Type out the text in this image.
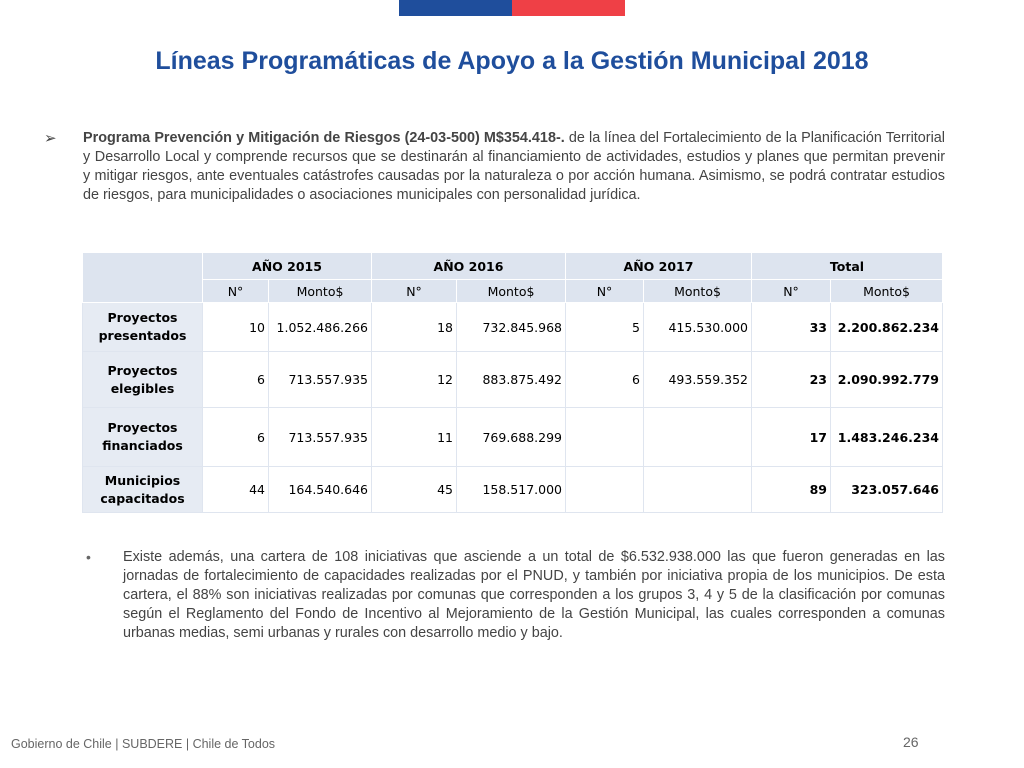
Líneas Programáticas de Apoyo a la Gestión Municipal 2018
➢ Programa Prevención y Mitigación de Riesgos (24-03-500) M$354.418-. de la línea del Fortalecimiento de la Planificación Territorial y Desarrollo Local y comprende recursos que se destinarán al financiamiento de actividades, estudios y planes que permitan prevenir y mitigar riesgos, ante eventuales catástrofes causadas por la naturaleza o por acción humana. Asimismo, se podrá contratar estudios de riesgos, para municipalidades o asociaciones municipales con personalidad jurídica.
	AÑO 2015		AÑO 2016		AÑO 2017		Total	
	N°	Monto$	N°	Monto$	N°	Monto$	N°	Monto$
Proyectos presentados	10	1.052.486.266	18	732.845.968	5	415.530.000	33	2.200.862.234
Proyectos elegibles	6	713.557.935	12	883.875.492	6	493.559.352	23	2.090.992.779
Proyectos financiados	6	713.557.935	11	769.688.299			17	1.483.246.234
Municipios capacitados	44	164.540.646	45	158.517.000			89	323.057.646
• Existe además, una cartera de 108 iniciativas que asciende a un total de $6.532.938.000 las que fueron generadas en las jornadas de fortalecimiento de capacidades realizadas por el PNUD, y también por iniciativa propia de los municipios. De esta cartera, el 88% son iniciativas realizadas por comunas que corresponden a los grupos 3, 4 y 5 de la clasificación por comunas según el Reglamento del Fondo de Incentivo al Mejoramiento de la Gestión Municipal, las cuales corresponden a comunas urbanas medias, semi urbanas y rurales con desarrollo medio y bajo.
Gobierno de Chile | SUBDERE | Chile de Todos	26
